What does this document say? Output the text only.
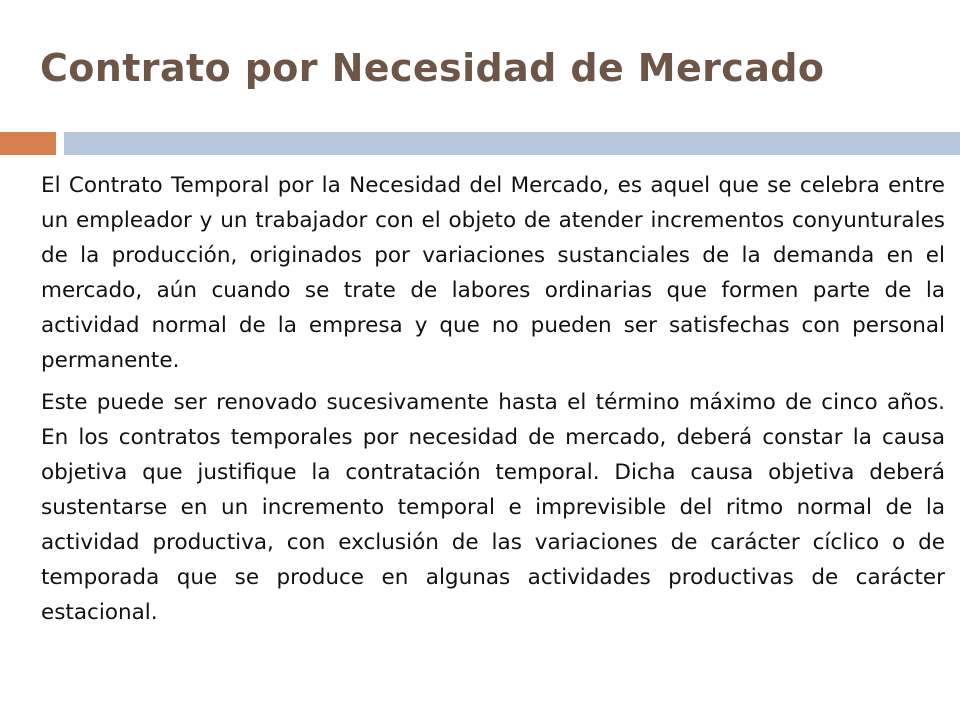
Contrato por Necesidad de Mercado

El Contrato Temporal por la Necesidad del Mercado, es aquel que se celebra entre un empleador y un trabajador con el objeto de atender incrementos conyunturales de la producción, originados por variaciones sustanciales de la demanda en el mercado, aún cuando se trate de labores ordinarias que formen parte de la actividad normal de la empresa y que no pueden ser satisfechas con personal permanente.

Este puede ser renovado sucesivamente hasta el término máximo de cinco años. En los contratos temporales por necesidad de mercado, deberá constar la causa objetiva que justifique la contratación temporal. Dicha causa objetiva deberá sustentarse en un incremento temporal e imprevisible del ritmo normal de la actividad productiva, con exclusión de las variaciones de carácter cíclico o de temporada que se produce en algunas actividades productivas de carácter estacional.
